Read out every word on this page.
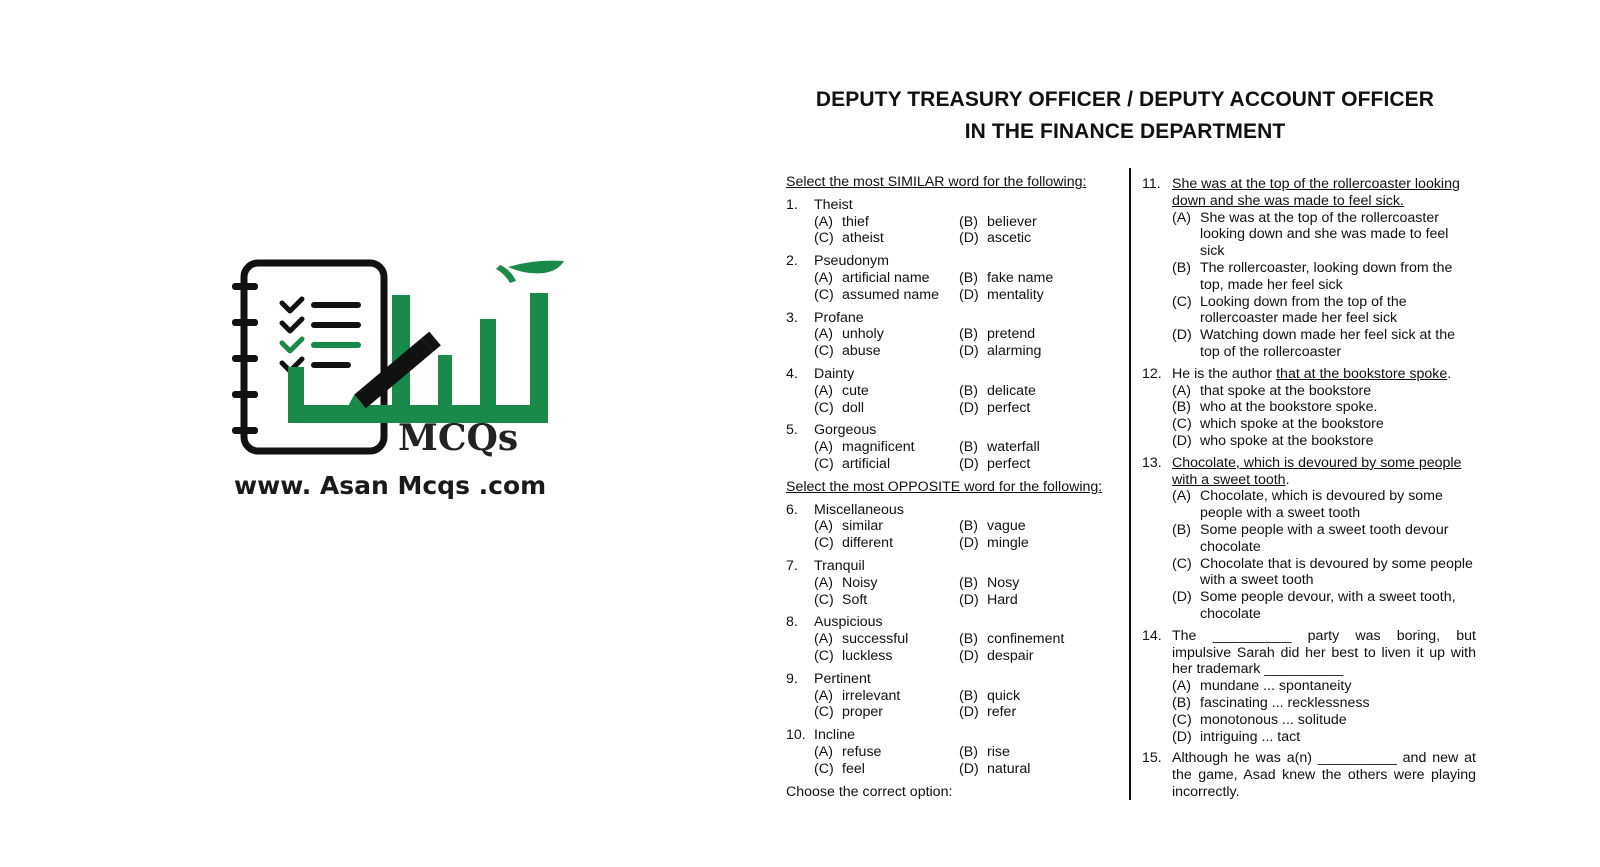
MCQs
www. Asan Mcqs .com
DEPUTY TREASURY OFFICER / DEPUTY ACCOUNT OFFICER
IN THE FINANCE DEPARTMENT
Select the most SIMILAR word for the following:
1.	Theist
(A) thief	(B) believer
(C) atheist	(D) ascetic
2.	Pseudonym
(A) artificial name (B) fake name
(C) assumed name (D) mentality
3.	Profane
(A) unholy	(B) pretend
(C) abuse	(D) alarming
4.	Dainty
(A) cute	(B) delicate
(C) doll	(D) perfect
5.	Gorgeous
(A) magnificent	(B) waterfall
(C) artificial	(D) perfect
Select the most OPPOSITE word for the following:
6.	Miscellaneous
(A) similar	(B) vague
(C) different	(D) mingle
7.	Tranquil
(A) Noisy	(B) Nosy
(C) Soft	(D) Hard
8.	Auspicious
(A) successful	(B) confinement
(C) luckless	(D) despair
9.	Pertinent
(A) irrelevant	(B) quick
(C) proper	(D) refer
10. Incline
(A) refuse	(B) rise
(C) feel	(D) natural
Choose the correct option:
11. She was at the top of the rollercoaster looking down and she was made to feel sick.
(A) She was at the top of the rollercoaster looking down and she was made to feel sick
(B) The rollercoaster, looking down from the top, made her feel sick
(C) Looking down from the top of the rollercoaster made her feel sick
(D) Watching down made her feel sick at the top of the rollercoaster
12. He is the author that at the bookstore spoke.
(A) that spoke at the bookstore
(B) who at the bookstore spoke.
(C) which spoke at the bookstore
(D) who spoke at the bookstore
13. Chocolate, which is devoured by some people with a sweet tooth.
(A) Chocolate, which is devoured by some people with a sweet tooth
(B) Some people with a sweet tooth devour chocolate
(C) Chocolate that is devoured by some people with a sweet tooth
(D) Some people devour, with a sweet tooth, chocolate
14. The __________ party was boring, but impulsive Sarah did her best to liven it up with her trademark __________
(A) mundane ... spontaneity
(B) fascinating ... recklessness
(C) monotonous ... solitude
(D) intriguing ... tact
15. Although he was a(n) __________ and new at the game, Asad knew the others were playing incorrectly.
